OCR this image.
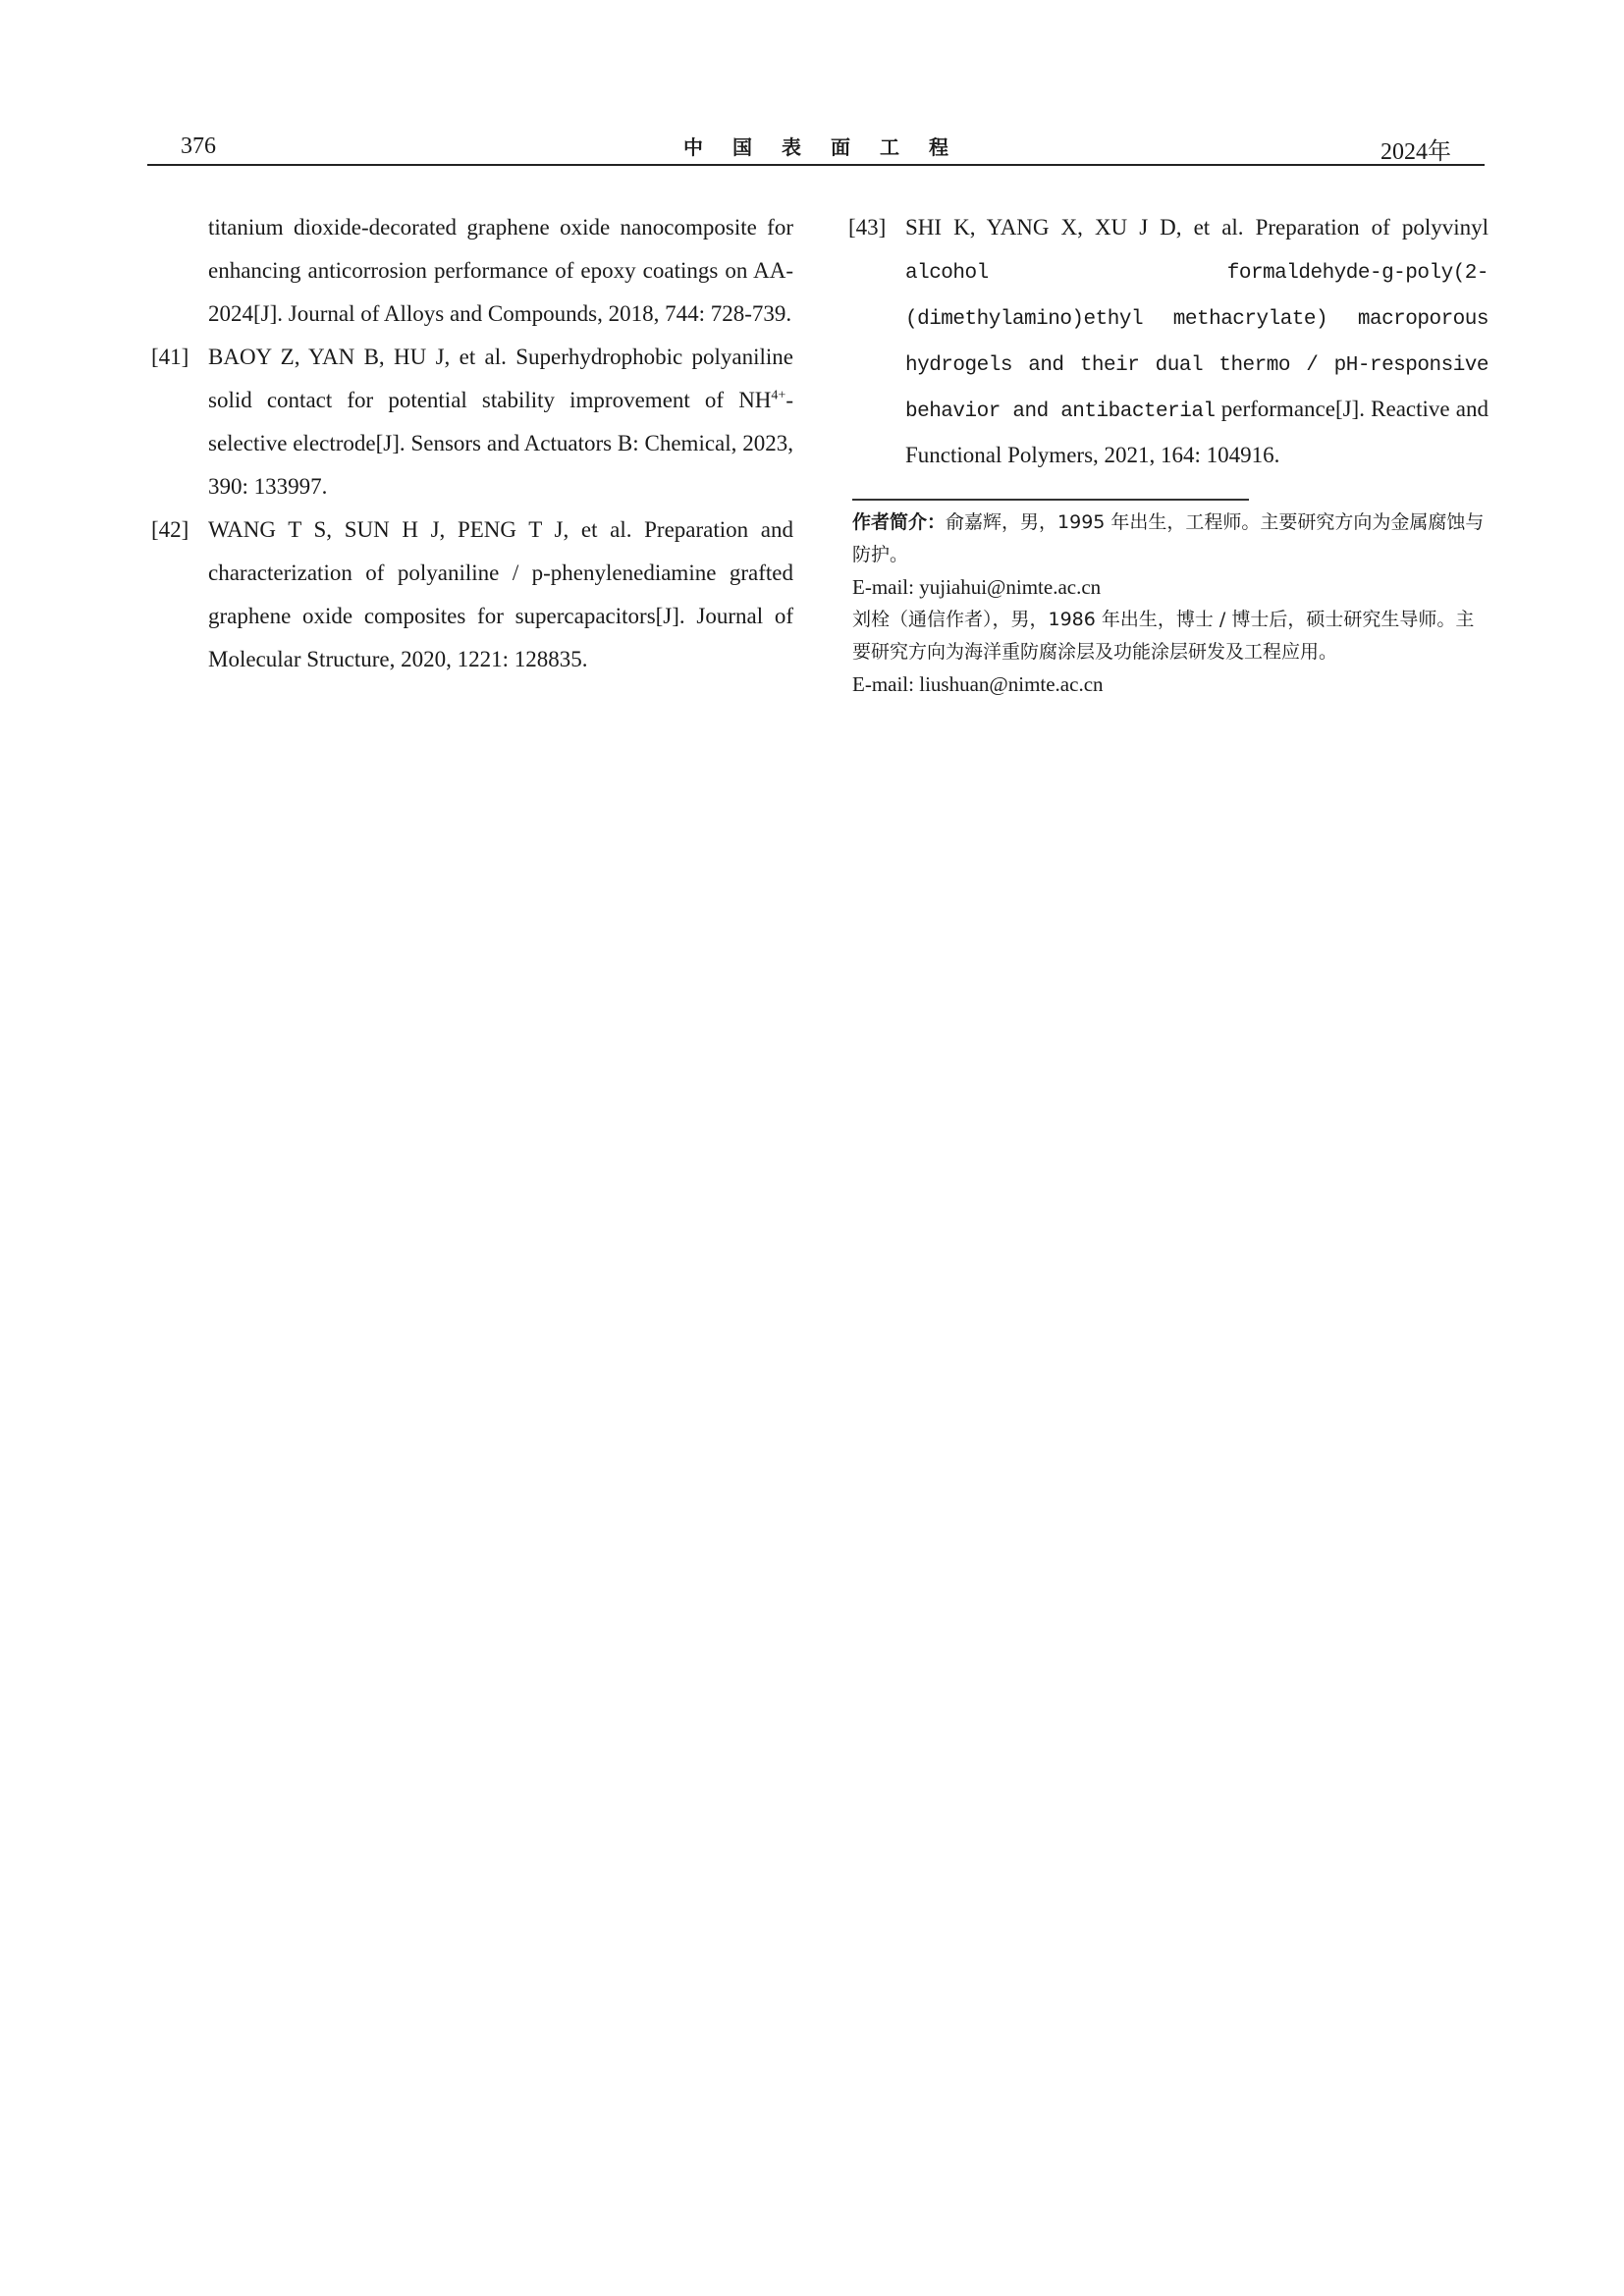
376	中国表面工程	2024年

titanium dioxide-decorated graphene oxide nanocomposite for enhancing anticorrosion performance of epoxy coatings on AA-2024[J]. Journal of Alloys and Compounds, 2018, 744: 728-739.

[41] BAOY Z, YAN B, HU J, et al. Superhydrophobic polyaniline solid contact for potential stability improvement of $NH^{4+}$-selective electrode[J]. Sensors and Actuators B: Chemical, 2023, 390: 133997.

[42] WANG T S, SUN H J, PENG T J, et al. Preparation and characterization of polyaniline / p-phenylenediamine grafted graphene oxide composites for supercapacitors[J]. Journal of Molecular Structure, 2020, 1221: 128835.

[43] SHI K, YANG X, XU J D, et al. Preparation of polyvinyl alcohol formaldehyde-g-poly(2-(dimethylamino)ethyl methacrylate) macroporous hydrogels and their dual thermo / pH-responsive behavior and antibacterial performance[J]. Reactive and Functional Polymers, 2021, 164: 104916.

作者简介：俞嘉辉，男，1995 年出生，工程师。主要研究方向为金属腐蚀与防护。

E-mail: yujiahui@nimte.ac.cn

刘栓（通信作者），男，1986 年出生，博士 / 博士后，硕士研究生导师。主要研究方向为海洋重防腐涂层及功能涂层研发及工程应用。

E-mail: liushuan@nimte.ac.cn
